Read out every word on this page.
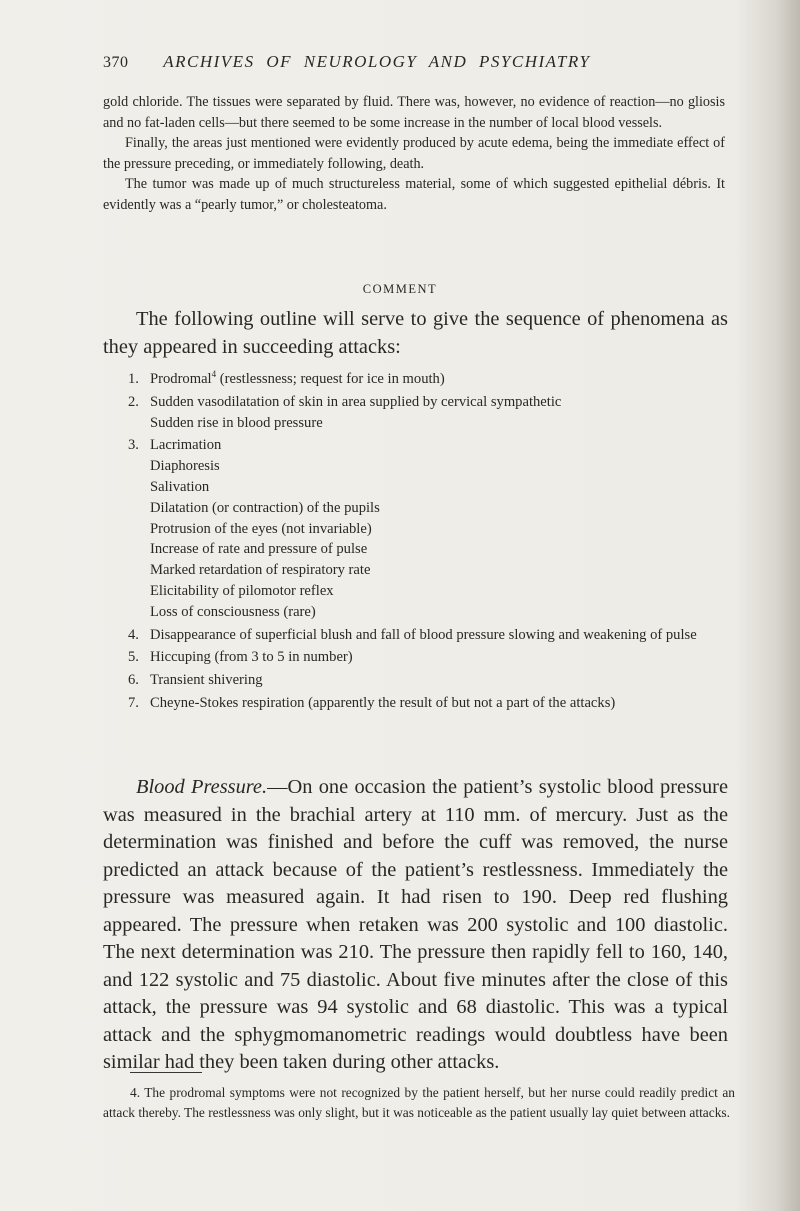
370 ARCHIVES OF NEUROLOGY AND PSYCHIATRY

gold chloride. The tissues were separated by fluid. There was, however, no evidence of reaction—no gliosis and no fat-laden cells—but there seemed to be some increase in the number of local blood vessels.

Finally, the areas just mentioned were evidently produced by acute edema, being the immediate effect of the pressure preceding, or immediately following, death.

The tumor was made up of much structureless material, some of which suggested epithelial débris. It evidently was a “pearly tumor,” or cholesteatoma.

COMMENT

The following outline will serve to give the sequence of phenomena as they appeared in succeeding attacks:

1. Prodromal$^4$ (restlessness; request for ice in mouth)
2. Sudden vasodilatation of skin in area supplied by cervical sympathetic
Sudden rise in blood pressure
3. Lacrimation
Diaphoresis
Salivation
Dilatation (or contraction) of the pupils
Protrusion of the eyes (not invariable)
Increase of rate and pressure of pulse
Marked retardation of respiratory rate
Elicitability of pilomotor reflex
Loss of consciousness (rare)
4. Disappearance of superficial blush and fall of blood pressure slowing and weakening of pulse
5. Hiccuping (from 3 to 5 in number)
6. Transient shivering
7. Cheyne-Stokes respiration (apparently the result of but not a part of the attacks)

Blood Pressure.—On one occasion the patient’s systolic blood pressure was measured in the brachial artery at 110 mm. of mercury. Just as the determination was finished and before the cuff was removed, the nurse predicted an attack because of the patient’s restlessness. Immediately the pressure was measured again. It had risen to 190. Deep red flushing appeared. The pressure when retaken was 200 systolic and 100 diastolic. The next determination was 210. The pressure then rapidly fell to 160, 140, and 122 systolic and 75 diastolic. About five minutes after the close of this attack, the pressure was 94 systolic and 68 diastolic. This was a typical attack and the sphygmomanometric readings would doubtless have been similar had they been taken during other attacks.

4. The prodromal symptoms were not recognized by the patient herself, but her nurse could readily predict an attack thereby. The restlessness was only slight, but it was noticeable as the patient usually lay quiet between attacks.
